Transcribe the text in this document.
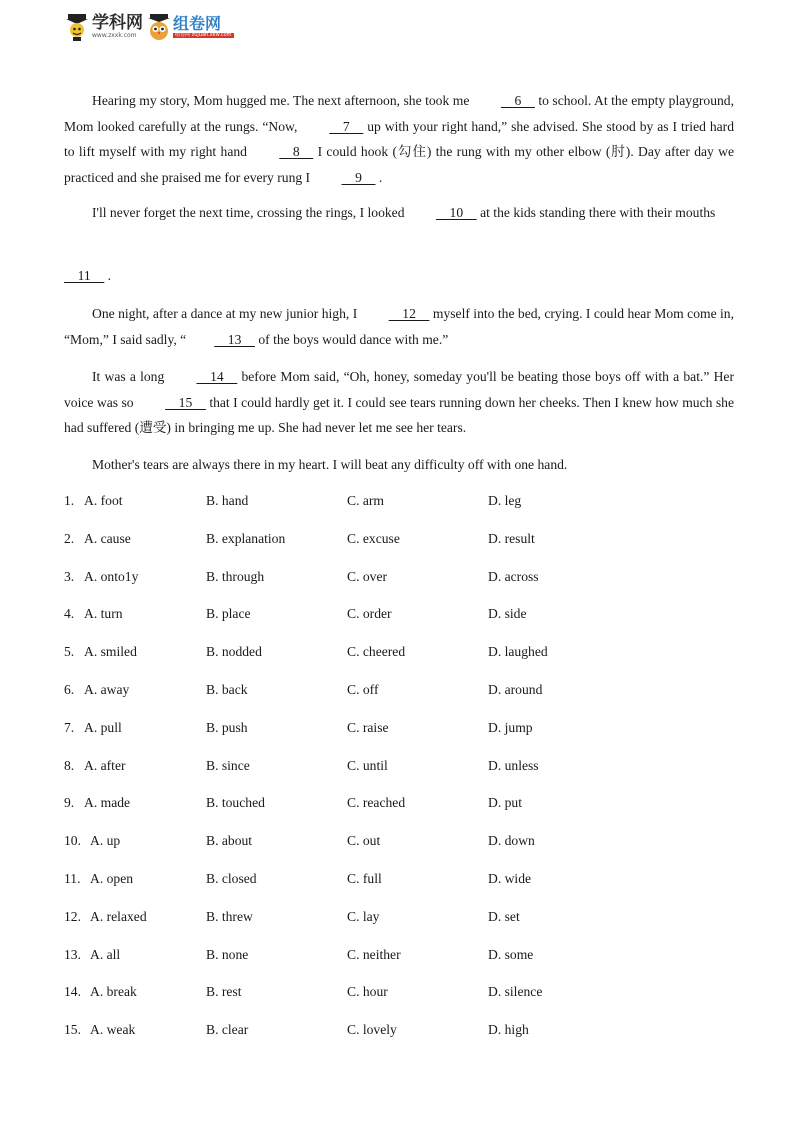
学科网
www.zxxk.com
组卷网
组卷网 zujuan.xkw.com

Hearing my story, Mom hugged me. The next afternoon, she took me     6     to school. At the empty playground, Mom looked carefully at the rungs. “Now,     7     up with your right hand,” she advised. She stood by as I tried hard to lift myself with my right hand     8     I could hook (勾住) the rung with my other elbow (肘). Day after day we practiced and she praised me for every rung I     9     .

I'll never forget the next time, crossing the rings, I looked     10     at the kids standing there with their mouths

11     .

One night, after a dance at my new junior high, I     12     myself into the bed, crying. I could hear Mom come in, “Mom,” I said sadly, “    13     of the boys would dance with me.”

It was a long     14     before Mom said, “Oh, honey, someday you'll be beating those boys off with a bat.” Her voice was so     15     that I could hardly get it. I could see tears running down her cheeks. Then I knew how much she had suffered (遭受) in bringing me up. She had never let me see her tears.

Mother's tears are always there in my heart. I will beat any difficulty off with one hand.

1. A. foot	B. hand	C. arm	D. leg
2. A. cause	B. explanation	C. excuse	D. result
3. A. onto1y	B. through	C. over	D. across
4. A. turn	B. place	C. order	D. side
5. A. smiled	B. nodded	C. cheered	D. laughed
6. A. away	B. back	C. off	D. around
7. A. pull	B. push	C. raise	D. jump
8. A. after	B. since	C. until	D. unless
9. A. made	B. touched	C. reached	D. put
10. A. up	B. about	C. out	D. down
11. A. open	B. closed	C. full	D. wide
12. A. relaxed	B. threw	C. lay	D. set
13. A. all	B. none	C. neither	D. some
14. A. break	B. rest	C. hour	D. silence
15. A. weak	B. clear	C. lovely	D. high
